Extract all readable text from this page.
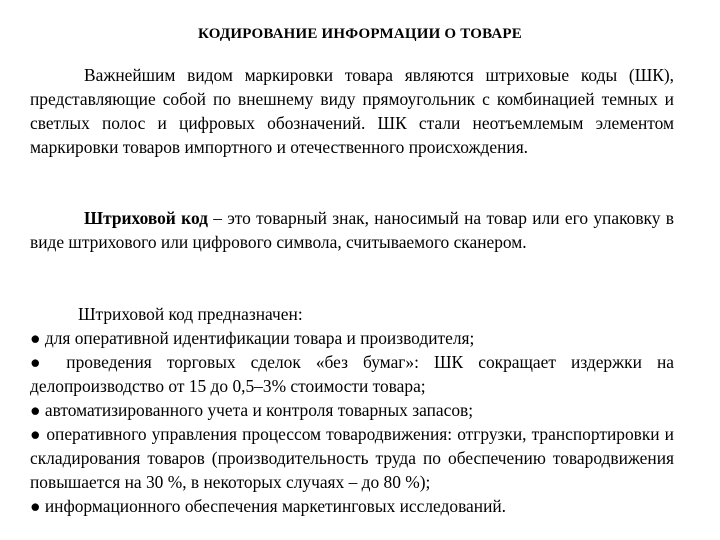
КОДИРОВАНИЕ ИНФОРМАЦИИ О ТОВАРЕ
Важнейшим видом маркировки товара являются штриховые коды (ШК), представляющие собой по внешнему виду прямоугольник с комбинацией темных и светлых полос и цифровых обозначений. ШК стали неотъемлемым элементом маркировки товаров импортного и отечественного происхождения.
Штриховой код – это товарный знак, наносимый на товар или его упаковку в виде штрихового или цифрового символа, считываемого сканером.
Штриховой код предназначен:
● для оперативной идентификации товара и производителя;
● проведения торговых сделок «без бумаг»: ШК сокращает издержки на делопроизводство от 15 до 0,5–3% стоимости товара;
● автоматизированного учета и контроля товарных запасов;
● оперативного управления процессом товародвижения: отгрузки, транспортировки и складирования товаров (производительность труда по обеспечению товародвижения повышается на 30 %, в некоторых случаях – до 80 %);
● информационного обеспечения маркетинговых исследований.
